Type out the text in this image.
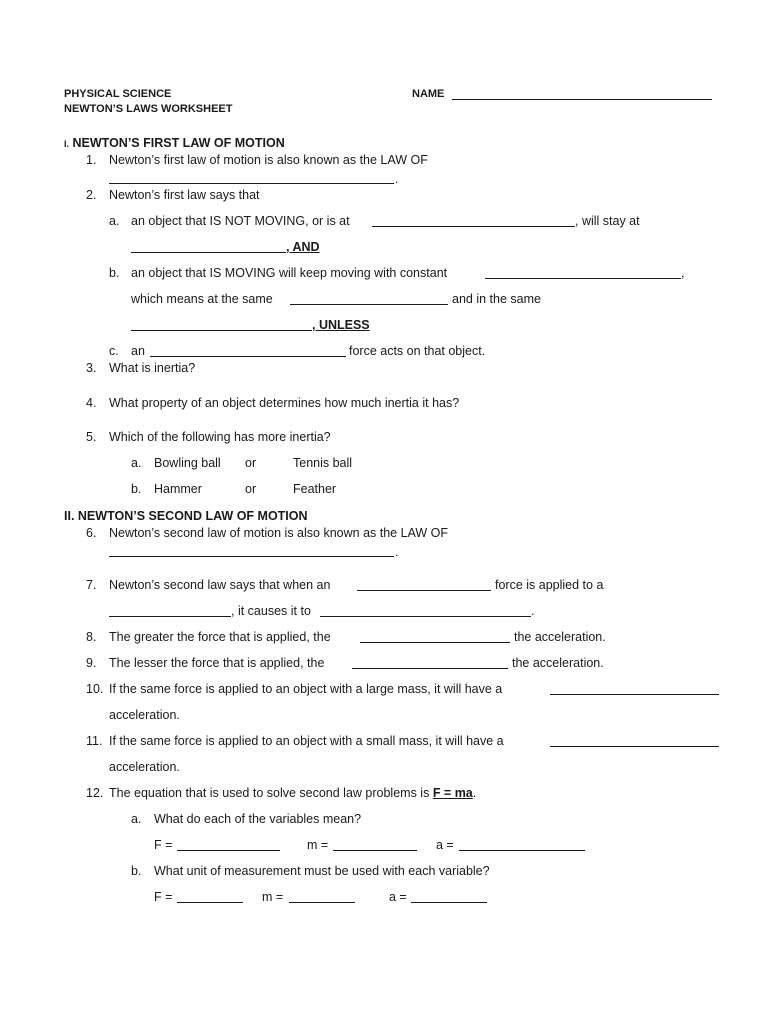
PHYSICAL SCIENCE
NEWTON’S LAWS WORKSHEET
NAME
I. NEWTON’S FIRST LAW OF MOTION
1. Newton’s first law of motion is also known as the LAW OF
.
2. Newton’s first law says that
a. an object that IS NOT MOVING, or is at	, will stay at
, AND
b. an object that IS MOVING will keep moving with constant	,
which means at the same	and in the same
, UNLESS
c. an	force acts on that object.
3. What is inertia?
4. What property of an object determines how much inertia it has?
5. Which of the following has more inertia?
a. Bowling ball or	Tennis ball
b. Hammer	or	Feather
II. NEWTON’S SECOND LAW OF MOTION
6. Newton’s second law of motion is also known as the LAW OF
.
7. Newton’s second law says that when an	force is applied to a
, it causes it to	.
8. The greater the force that is applied, the	the acceleration.
9. The lesser the force that is applied, the	the acceleration.
10. If the same force is applied to an object with a large mass, it will have a
acceleration.
11. If the same force is applied to an object with a small mass, it will have a
acceleration.
12. The equation that is used to solve second law problems is F = ma.
a. What do each of the variables mean?
F =	m =	a =
b. What unit of measurement must be used with each variable?
F =	m =	a =
